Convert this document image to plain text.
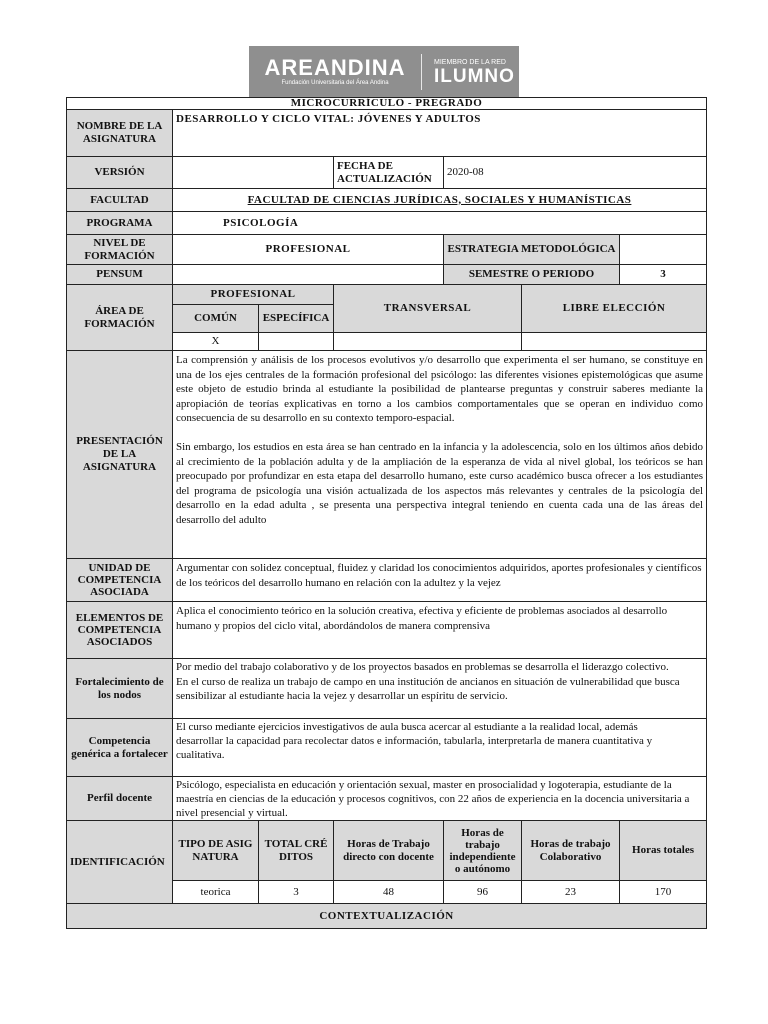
AREANDINA
Fundación Universitaria del Área Andina
MIEMBRO DE LA RED
ILUMNO
MICROCURRÍCULO - PREGRADO						
NOMBRE DE LA ASIGNATURA	DESARROLLO Y CICLO VITAL: JÓVENES Y ADULTOS					
VERSIÓN			FECHA DE ACTUALIZACIÓN	2020-08		
FACULTAD	FACULTAD DE CIENCIAS JURÍDICAS, SOCIALES Y HUMANÍSTICAS					
PROGRAMA	PSICOLOGÍA					
NIVEL DE FORMACIÓN	PROFESIONAL			ESTRATEGIA METODOLÓGICA		
PENSUM				SEMESTRE O PERIODO		3
ÁREA DE FORMACIÓN	PROFESIONAL		TRANSVERSAL		LIBRE ELECCIÓN	
	COMÚN	ESPECÍFICA				
	X					
PRESENTACIÓN DE LA ASIGNATURA	La comprensión y análisis de los procesos evolutivos y/o desarrollo que experimenta el ser humano, se constituye en una de los ejes centrales de la formación profesional del psicólogo: las diferentes visiones epistemológicas que asume este objeto de estudio brinda al estudiante la posibilidad de plantearse preguntas y construir saberes mediante la apropiación de teorías explicativas en torno a los cambios comportamentales que se operan en individuo como consecuencia de su desarrollo en su contexto temporo-espacial.

Sin embargo, los estudios en esta área se han centrado en la infancia y la adolescencia, solo en los últimos años debido al crecimiento de la población adulta y de la ampliación de la esperanza de vida al nivel global, los teóricos se han preocupado por profundizar en esta etapa del desarrollo humano, este curso académico busca ofrecer a los estudiantes del programa de psicología una visión actualizada de los aspectos más relevantes y centrales de la psicología del desarrollo en la edad adulta , se presenta una perspectiva integral teniendo en cuenta cada una de las áreas del desarrollo del adulto					

UNIDAD DE COMPETENCIA ASOCIADA	Argumentar con solidez conceptual, fluidez y claridad los conocimientos adquiridos, aportes profesionales y científicos de los teóricos del desarrollo humano en relación con la adultez y la vejez					
ELEMENTOS DE COMPETENCIA ASOCIADOS	Aplica el conocimiento teórico en la solución creativa, efectiva y eficiente de problemas asociados al desarrollo humano y propios del ciclo vital, abordándolos de manera comprensiva					
Fortalecimiento de los nodos	Por medio del trabajo colaborativo y de los proyectos basados en problemas se desarrolla el liderazgo colectivo.

En el curso de realiza un trabajo de campo en una institución de ancianos en situación de vulnerabilidad que busca sensibilizar al estudiante hacia la vejez y desarrollar un espíritu de servicio.					

Competencia genérica a fortalecer	El curso mediante ejercicios investigativos de aula busca acercar al estudiante a la realidad local, además

desarrollar la capacidad para recolectar datos e información, tabularla, interpretarla de manera cuantitativa y cualitativa.					

Perfil docente	Psicólogo, especialista en educación y orientación sexual, master en prosocialidad y logoterapia, estudiante de la maestría en ciencias de la educación y procesos cognitivos, con 22 años de experiencia en la docencia universitaria a nivel presencial y virtual.					
IDENTIFICACIÓN	TIPO DE ASIGNATURA	TOTAL CRÉDITOS	Horas de Trabajo directo con docente	Horas de trabajo independiente o autónomo	Horas de trabajo Colaborativo	Horas totales
	teorica	3	48	96	23	170
CONTEXTUALIZACIÓN						
